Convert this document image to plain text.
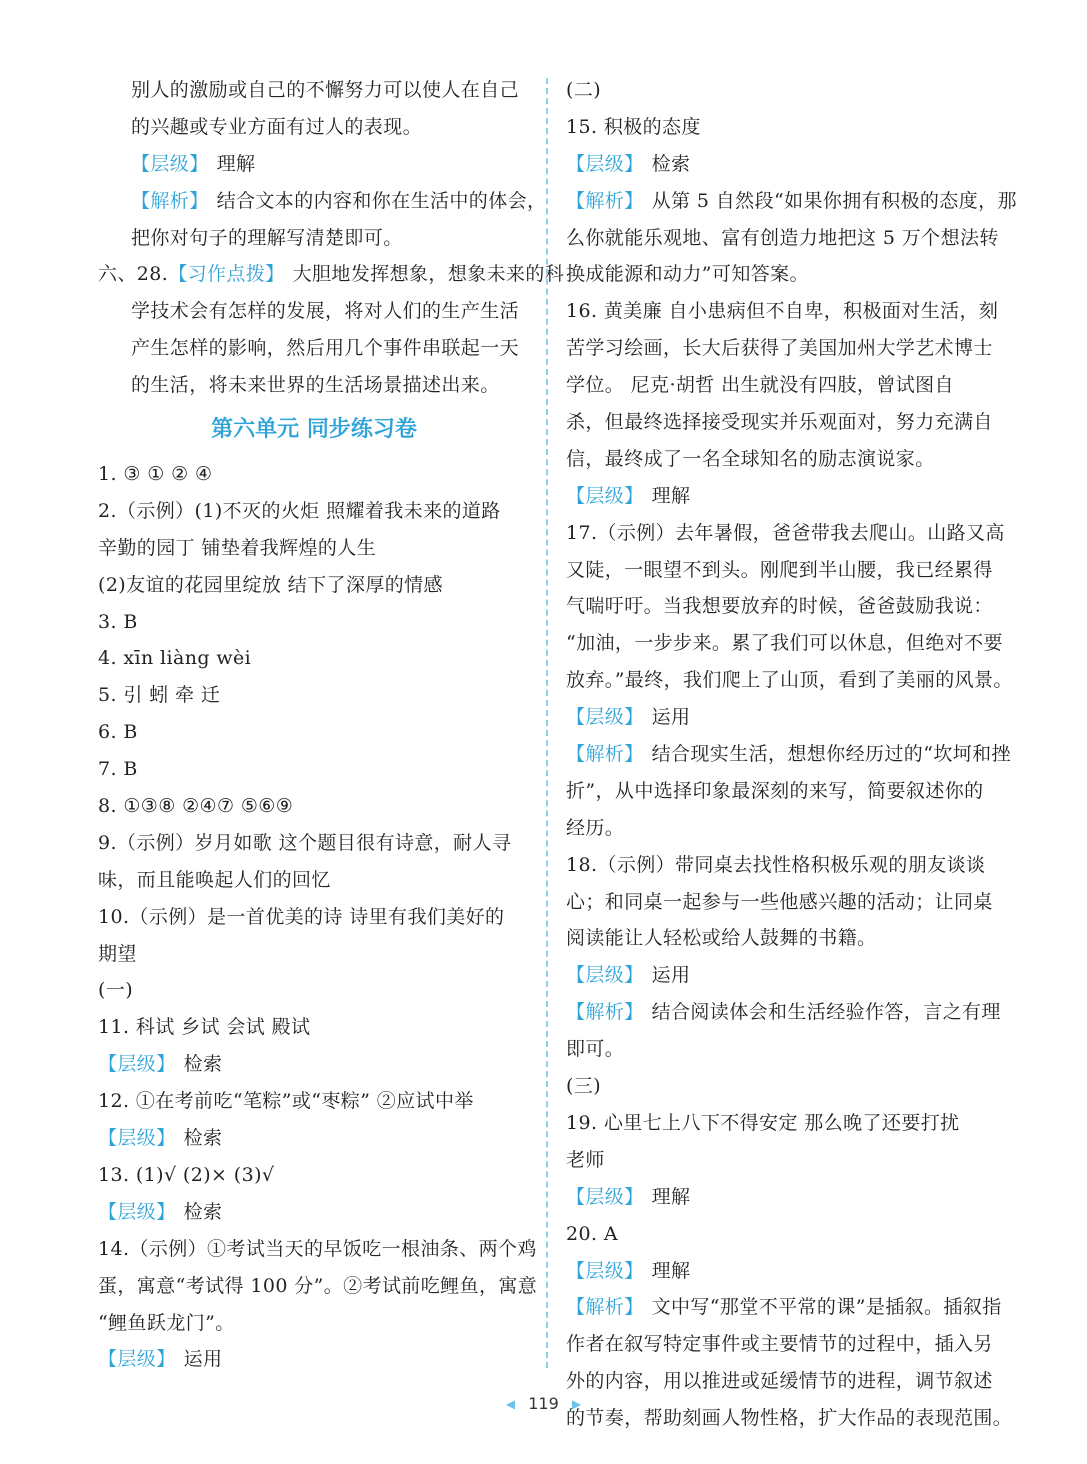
别人的激励或自己的不懈努力可以使人在自己
的兴趣或专业方面有过人的表现。
【层级】 理解
【解析】 结合文本的内容和你在生活中的体会，
把你对句子的理解写清楚即可。
六、28.【习作点拨】 大胆地发挥想象，想象未来的科
学技术会有怎样的发展，将对人们的生产生活
产生怎样的影响，然后用几个事件串联起一天
的生活，将未来世界的生活场景描述出来。
第六单元 同步练习卷
1. ③ ① ② ④
2.（示例）(1)不灭的火炬 照耀着我未来的道路
辛勤的园丁 铺垫着我辉煌的人生
(2)友谊的花园里绽放 结下了深厚的情感
3. B
4. xīn liàng wèi
5. 引 蚓 牵 迁
6. B
7. B
8. ①③⑧ ②④⑦ ⑤⑥⑨
9.（示例）岁月如歌 这个题目很有诗意，耐人寻
味，而且能唤起人们的回忆
10.（示例）是一首优美的诗 诗里有我们美好的
期望
(一)
11. 科试 乡试 会试 殿试
【层级】 检索
12. ①在考前吃“笔粽”或“枣粽” ②应试中举
【层级】 检索
13. (1)√ (2)× (3)√
【层级】 检索
14.（示例）①考试当天的早饭吃一根油条、两个鸡
蛋，寓意“考试得 100 分”。②考试前吃鲤鱼，寓意
“鲤鱼跃龙门”。
【层级】 运用
(二)
15. 积极的态度
【层级】 检索
【解析】 从第 5 自然段“如果你拥有积极的态度，那
么你就能乐观地、富有创造力地把这 5 万个想法转
换成能源和动力”可知答案。
16. 黄美廉 自小患病但不自卑，积极面对生活，刻
苦学习绘画，长大后获得了美国加州大学艺术博士
学位。 尼克·胡哲 出生就没有四肢，曾试图自
杀，但最终选择接受现实并乐观面对，努力充满自
信，最终成了一名全球知名的励志演说家。
【层级】 理解
17.（示例）去年暑假，爸爸带我去爬山。山路又高
又陡，一眼望不到头。刚爬到半山腰，我已经累得
气喘吁吁。当我想要放弃的时候，爸爸鼓励我说：
“加油，一步步来。累了我们可以休息，但绝对不要
放弃。”最终，我们爬上了山顶，看到了美丽的风景。
【层级】 运用
【解析】 结合现实生活，想想你经历过的“坎坷和挫
折”，从中选择印象最深刻的来写，简要叙述你的
经历。
18.（示例）带同桌去找性格积极乐观的朋友谈谈
心；和同桌一起参与一些他感兴趣的活动；让同桌
阅读能让人轻松或给人鼓舞的书籍。
【层级】 运用
【解析】 结合阅读体会和生活经验作答，言之有理
即可。
(三)
19. 心里七上八下不得安定 那么晚了还要打扰
老师
【层级】 理解
20. A
【层级】 理解
【解析】 文中写“那堂不平常的课”是插叙。插叙指
作者在叙写特定事件或主要情节的过程中，插入另
外的内容，用以推进或延缓情节的进程，调节叙述
的节奏，帮助刻画人物性格，扩大作品的表现范围。
◀ 119 ▶
